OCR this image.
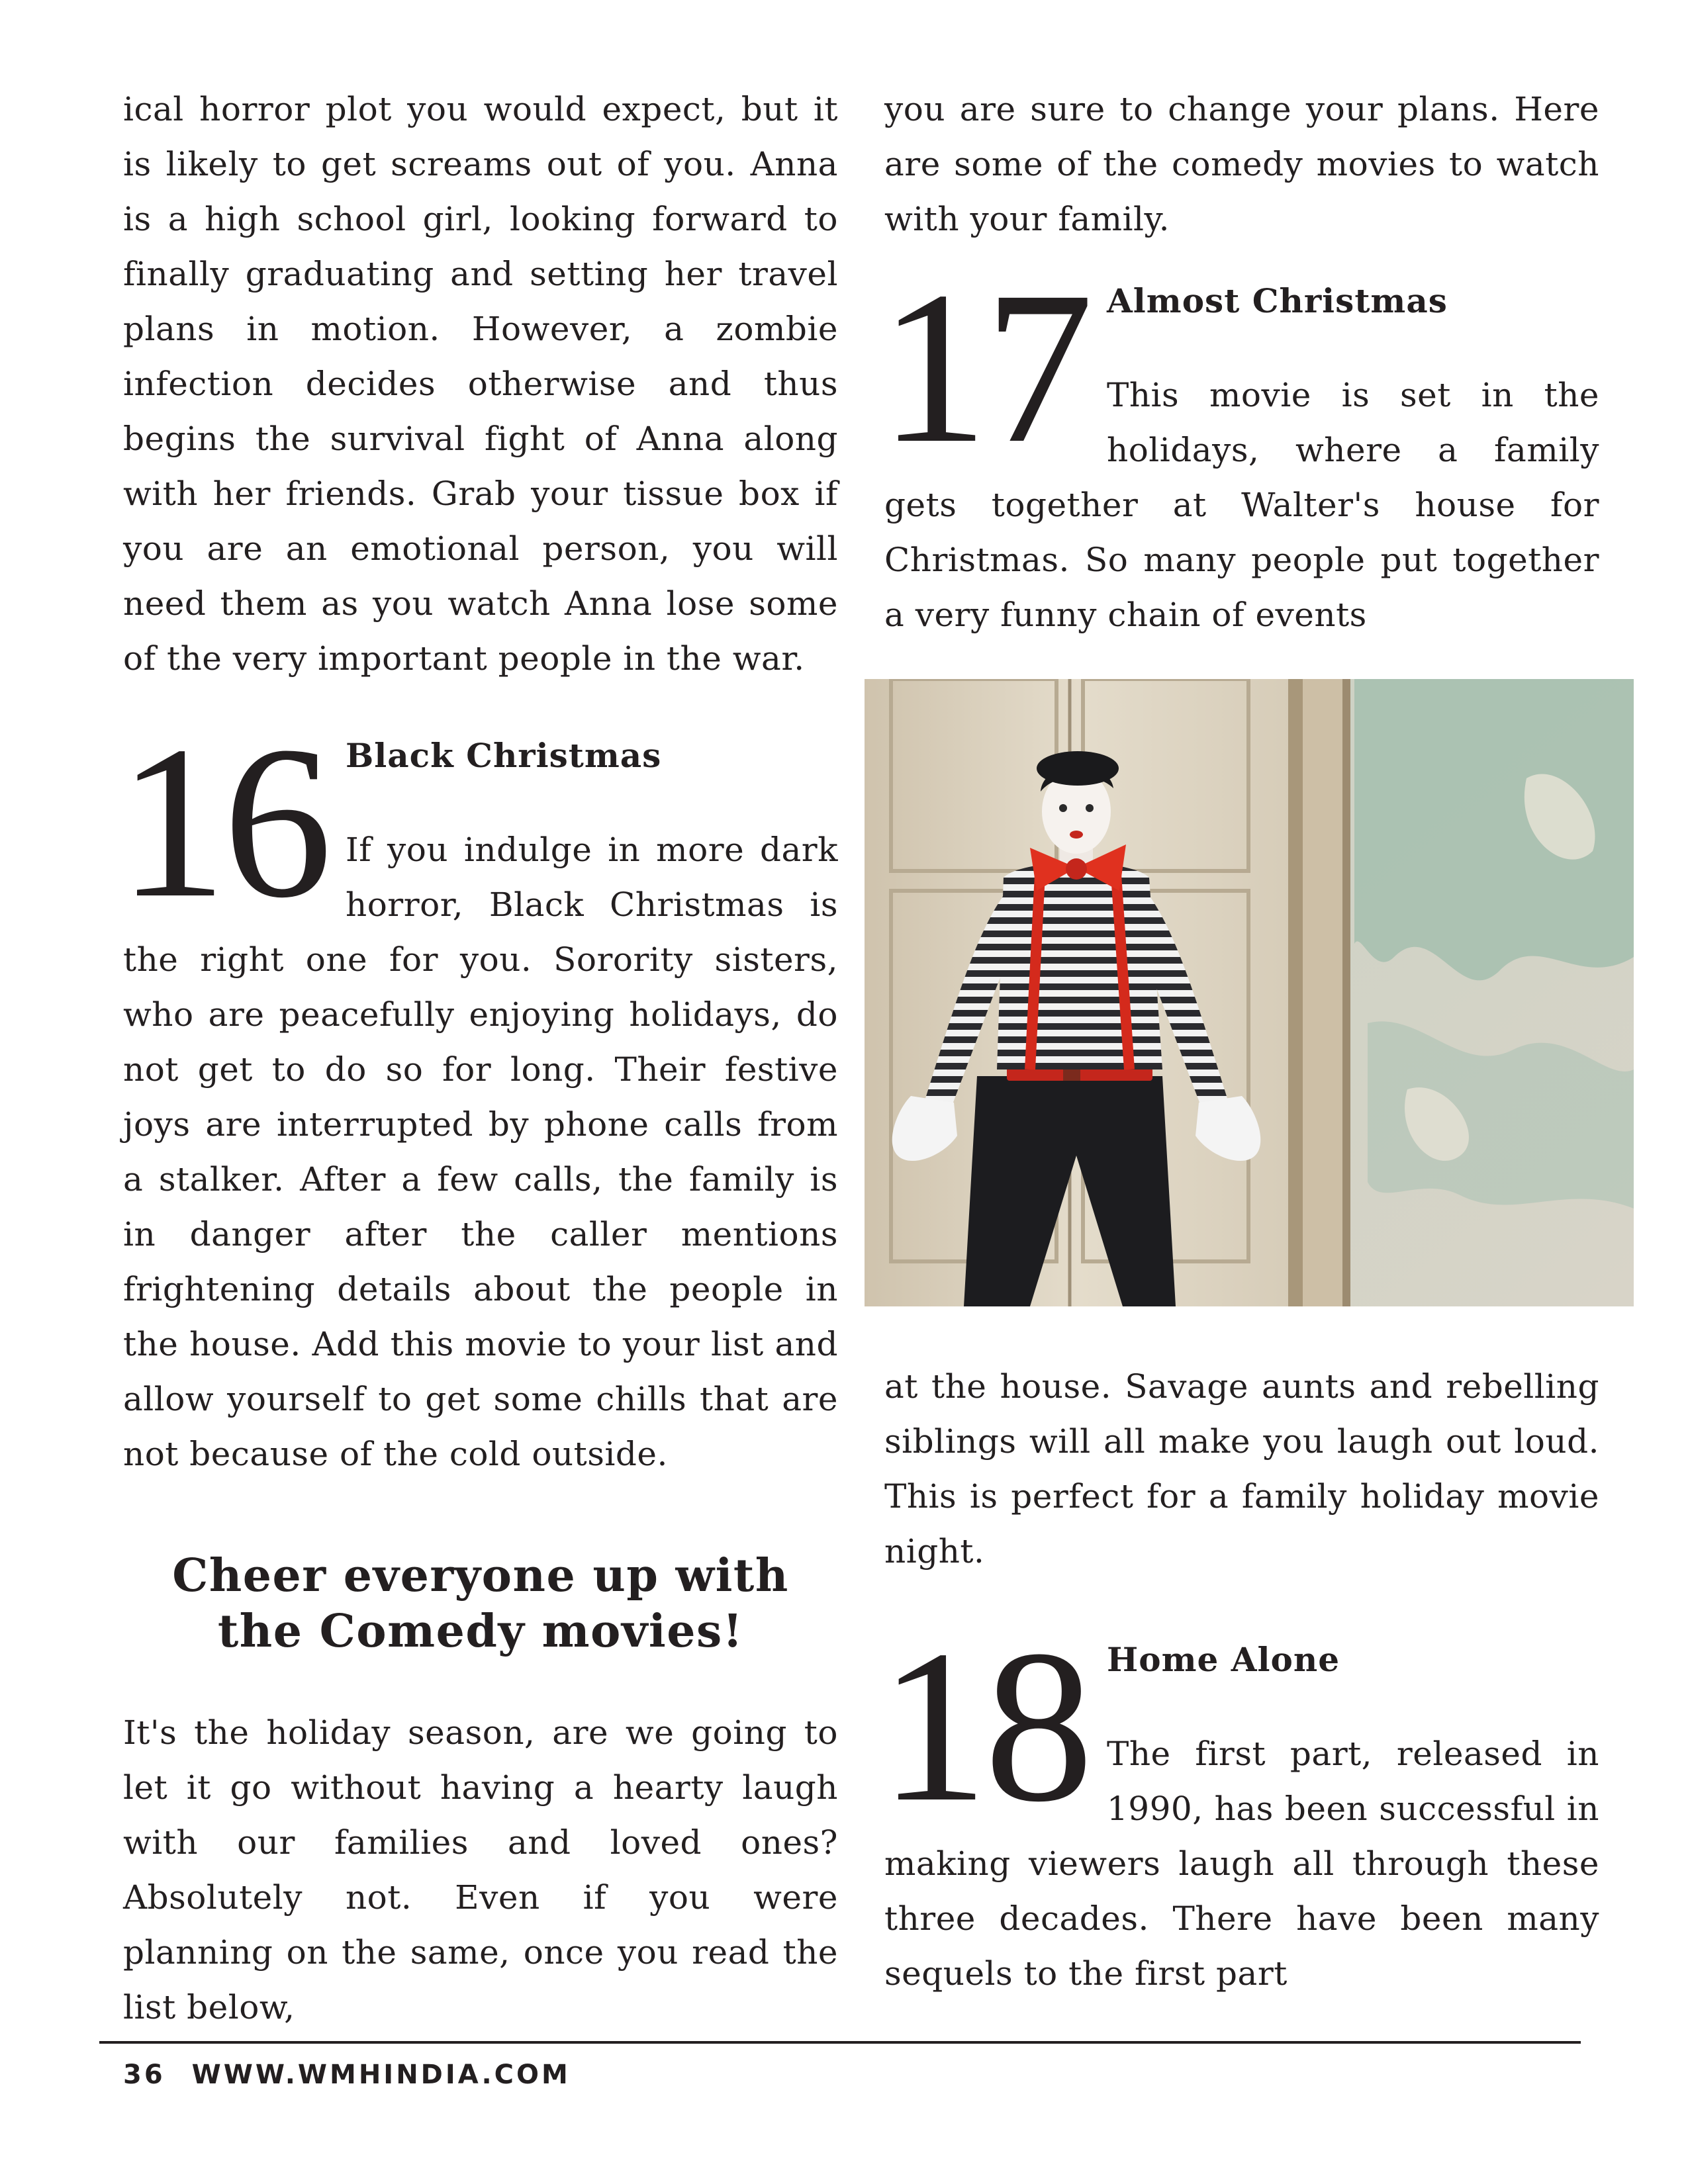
ical horror plot you would expect, but it is likely to get screams out of you. Anna is a high school girl, looking forward to finally graduating and setting her travel plans in motion. However, a zombie infection decides otherwise and thus begins the survival fight of Anna along with her friends. Grab your tissue box if you are an emotional person, you will need them as you watch Anna lose some of the very important people in the war.

16 Black Christmas

If you indulge in more dark horror, Black Christmas is the right one for you. Sorority sisters, who are peacefully enjoying holidays, do not get to do so for long. Their festive joys are interrupted by phone calls from a stalker. After a few calls, the family is in danger after the caller mentions frightening details about the people in the house. Add this movie to your list and allow yourself to get some chills that are not because of the cold outside.

Cheer everyone up with the Comedy movies!

It's the holiday season, are we going to let it go without having a hearty laugh with our families and loved ones? Absolutely not. Even if you were planning on the same, once you read the list below,

you are sure to change your plans. Here are some of the comedy movies to watch with your family.

17 Almost Christmas

This movie is set in the holidays, where a family gets together at Walter's house for Christmas. So many people put together a very funny chain of events

at the house. Savage aunts and rebelling siblings will all make you laugh out loud. This is perfect for a family holiday movie night.

18 Home Alone

The first part, released in 1990, has been successful in making viewers laugh all through these three decades. There have been many sequels to the first part

36 WWW.WMHINDIA.COM
